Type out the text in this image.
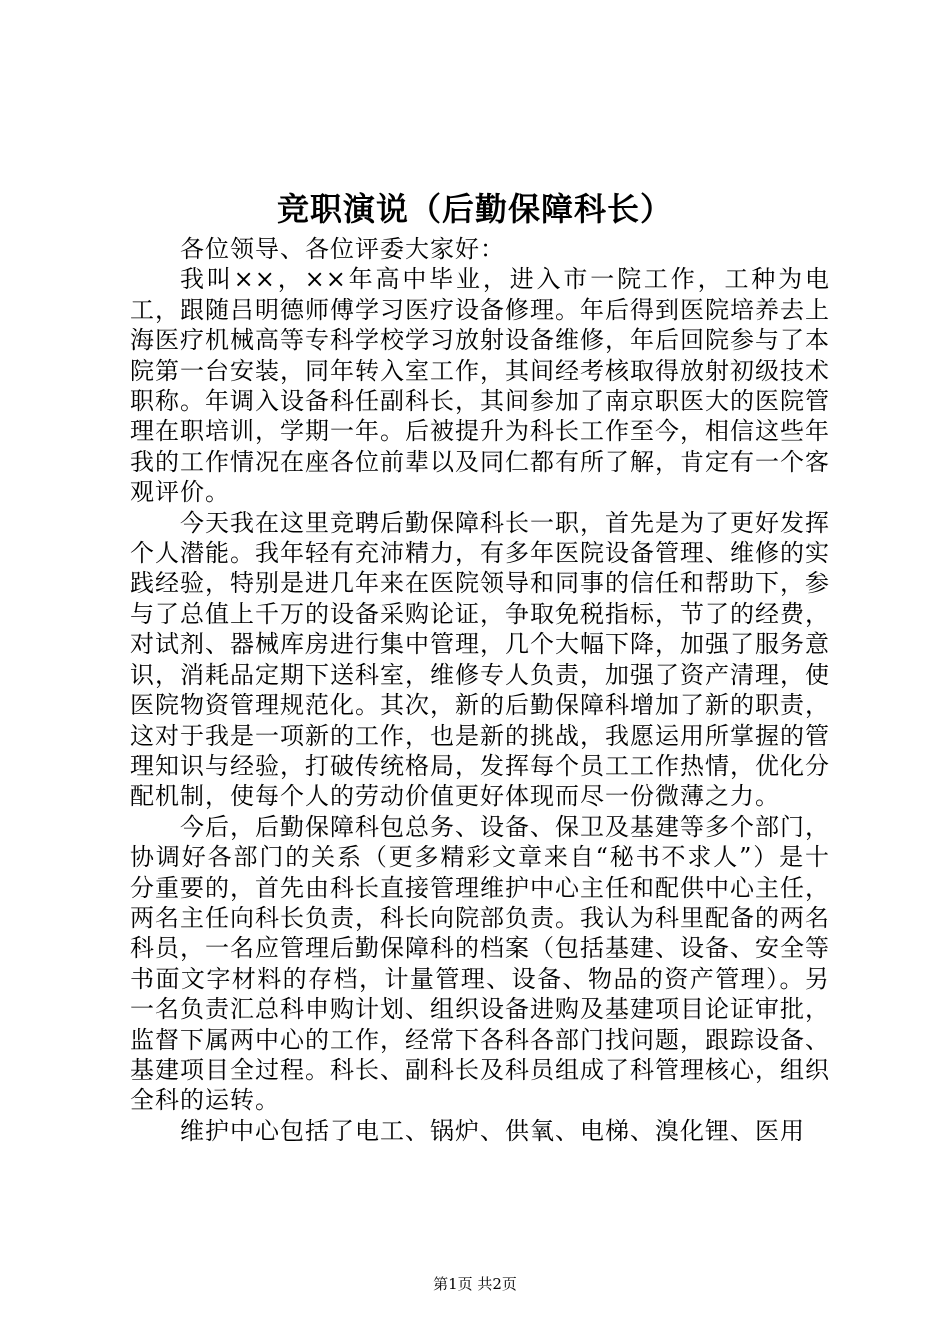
竞职演说（后勤保障科长）

各位领导、各位评委大家好：

我叫××，××年高中毕业，进入市一院工作，工种为电工，跟随吕明德师傅学习医疗设备修理。年后得到医院培养去上海医疗机械高等专科学校学习放射设备维修，年后回院参与了本院第一台安装，同年转入室工作，其间经考核取得放射初级技术职称。年调入设备科任副科长，其间参加了南京职医大的医院管理在职培训，学期一年。后被提升为科长工作至今，相信这些年我的工作情况在座各位前辈以及同仁都有所了解，肯定有一个客观评价。

今天我在这里竞聘后勤保障科长一职，首先是为了更好发挥个人潜能。我年轻有充沛精力，有多年医院设备管理、维修的实践经验，特别是进几年来在医院领导和同事的信任和帮助下，参与了总值上千万的设备采购论证，争取免税指标，节了的经费，对试剂、器械库房进行集中管理，几个大幅下降，加强了服务意识，消耗品定期下送科室，维修专人负责，加强了资产清理，使医院物资管理规范化。其次，新的后勤保障科增加了新的职责，这对于我是一项新的工作，也是新的挑战，我愿运用所掌握的管理知识与经验，打破传统格局，发挥每个员工工作热情，优化分配机制，使每个人的劳动价值更好体现而尽一份微薄之力。

今后，后勤保障科包总务、设备、保卫及基建等多个部门，协调好各部门的关系（更多精彩文章来自“秘书不求人”）是十分重要的，首先由科长直接管理维护中心主任和配供中心主任，两名主任向科长负责，科长向院部负责。我认为科里配备的两名科员，一名应管理后勤保障科的档案（包括基建、设备、安全等书面文字材料的存档，计量管理、设备、物品的资产管理）。另一名负责汇总科申购计划、组织设备进购及基建项目论证审批，监督下属两中心的工作，经常下各科各部门找问题，跟踪设备、基建项目全过程。科长、副科长及科员组成了科管理核心，组织全科的运转。

维护中心包括了电工、锅炉、供氧、电梯、溴化锂、医用

第1页 共2页
